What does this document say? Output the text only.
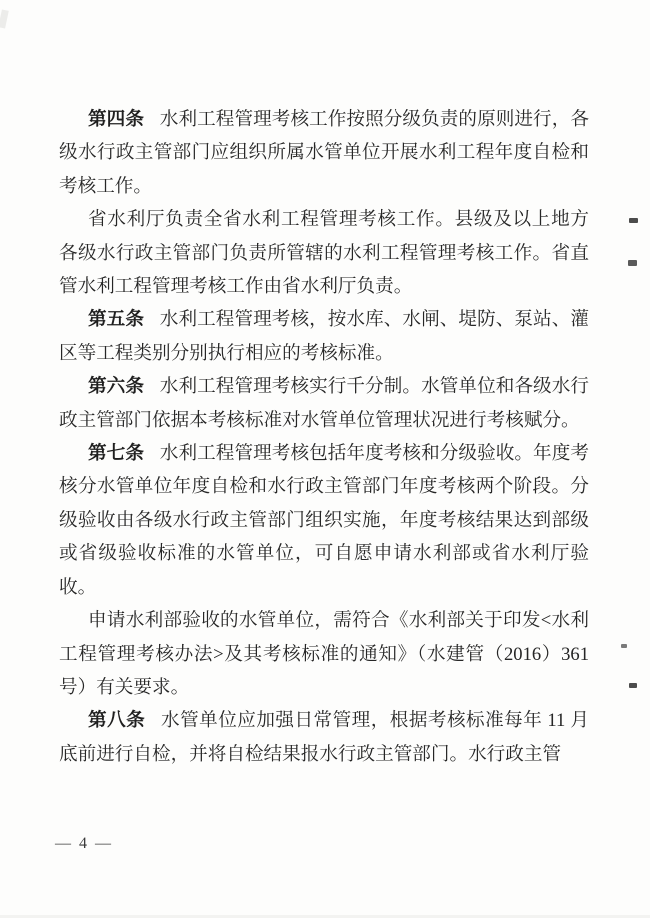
第四条 水利工程管理考核工作按照分级负责的原则进行，各级水行政主管部门应组织所属水管单位开展水利工程年度自检和考核工作。

省水利厅负责全省水利工程管理考核工作。县级及以上地方各级水行政主管部门负责所管辖的水利工程管理考核工作。省直管水利工程管理考核工作由省水利厅负责。

第五条 水利工程管理考核，按水库、水闸、堤防、泵站、灌区等工程类别分别执行相应的考核标准。

第六条 水利工程管理考核实行千分制。水管单位和各级水行政主管部门依据本考核标准对水管单位管理状况进行考核赋分。

第七条 水利工程管理考核包括年度考核和分级验收。年度考核分水管单位年度自检和水行政主管部门年度考核两个阶段。分级验收由各级水行政主管部门组织实施，年度考核结果达到部级或省级验收标准的水管单位，可自愿申请水利部或省水利厅验收。

申请水利部验收的水管单位，需符合《水利部关于印发<水利工程管理考核办法>及其考核标准的通知》（水建管（2016）361 号）有关要求。

第八条 水管单位应加强日常管理，根据考核标准每年 11 月底前进行自检，并将自检结果报水行政主管部门。水行政主管

— 4 —
